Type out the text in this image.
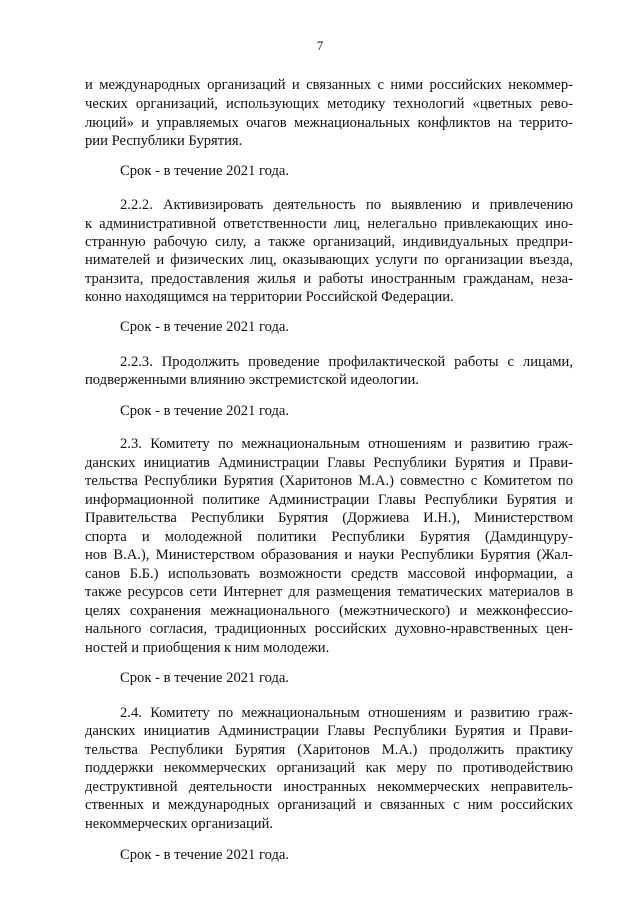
7
и международных организаций и связанных с ними российских некоммер-
ческих организаций, использующих методику технологий «цветных рево-
люций» и управляемых очагов межнациональных конфликтов на террито-
рии Республики Бурятия.
Срок - в течение 2021 года.
2.2.2. Активизировать деятельность по выявлению и привлечению
к административной ответственности лиц, нелегально привлекающих ино-
странную рабочую силу, а также организаций, индивидуальных предпри-
нимателей и физических лиц, оказывающих услуги по организации въезда,
транзита, предоставления жилья и работы иностранным гражданам, неза-
конно находящимся на территории Российской Федерации.
Срок - в течение 2021 года.
2.2.3. Продолжить проведение профилактической работы с лицами,
подверженными влиянию экстремистской идеологии.
Срок - в течение 2021 года.
2.3. Комитету по межнациональным отношениям и развитию граж-
данских инициатив Администрации Главы Республики Бурятия и Прави-
тельства Республики Бурятия (Харитонов М.А.) совместно с Комитетом по
информационной политике Администрации Главы Республики Бурятия и
Правительства Республики Бурятия (Доржиева И.Н.), Министерством
спорта и молодежной политики Республики Бурятия (Дамдинцуру-
нов В.А.), Министерством образования и науки Республики Бурятия (Жал-
санов Б.Б.) использовать возможности средств массовой информации, а
также ресурсов сети Интернет для размещения тематических материалов в
целях сохранения межнационального (межэтнического) и межконфессио-
нального согласия, традиционных российских духовно-нравственных цен-
ностей и приобщения к ним молодежи.
Срок - в течение 2021 года.
2.4. Комитету по межнациональным отношениям и развитию граж-
данских инициатив Администрации Главы Республики Бурятия и Прави-
тельства Республики Бурятия (Харитонов М.А.) продолжить практику
поддержки некоммерческих организаций как меру по противодействию
деструктивной деятельности иностранных некоммерческих неправитель-
ственных и международных организаций и связанных с ним российских
некоммерческих организаций.
Срок - в течение 2021 года.
